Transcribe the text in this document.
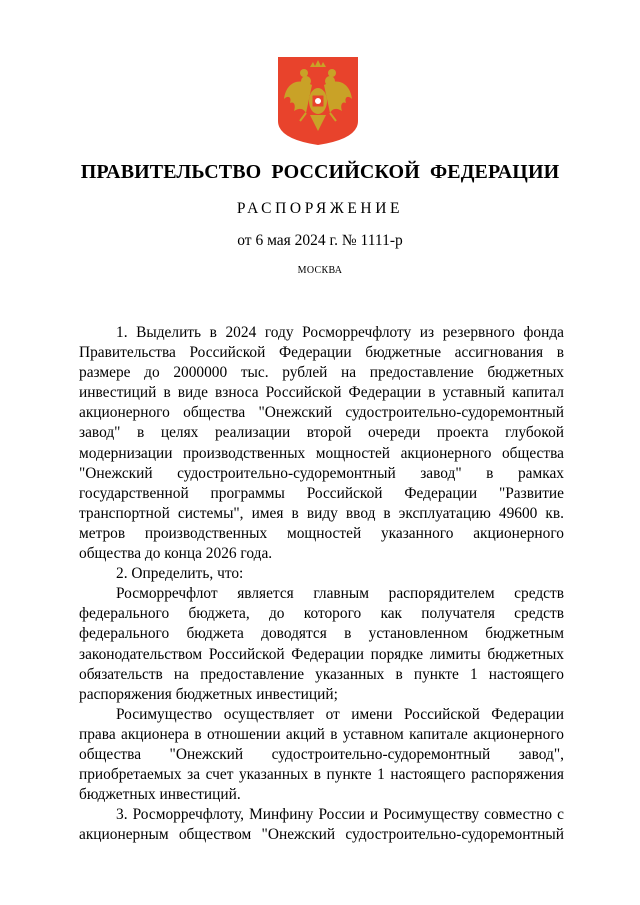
ПРАВИТЕЛЬСТВО РОССИЙСКОЙ ФЕДЕРАЦИИ
РАСПОРЯЖЕНИЕ
от 6 мая 2024 г. № 1111-р
МОСКВА

1. Выделить в 2024 году Росморречфлоту из резервного фонда Правительства Российской Федерации бюджетные ассигнования в размере до 2000000 тыс. рублей на предоставление бюджетных инвестиций в виде взноса Российской Федерации в уставный капитал акционерного общества "Онежский судостроительно-судоремонтный завод" в целях реализации второй очереди проекта глубокой модернизации производственных мощностей акционерного общества "Онежский судостроительно-судоремонтный завод" в рамках государственной программы Российской Федерации "Развитие транспортной системы", имея в виду ввод в эксплуатацию 49600 кв. метров производственных мощностей указанного акционерного общества до конца 2026 года.

2. Определить, что:

Росморречфлот является главным распорядителем средств федерального бюджета, до которого как получателя средств федерального бюджета доводятся в установленном бюджетным законодательством Российской Федерации порядке лимиты бюджетных обязательств на предоставление указанных в пункте 1 настоящего распоряжения бюджетных инвестиций;

Росимущество осуществляет от имени Российской Федерации права акционера в отношении акций в уставном капитале акционерного общества "Онежский судостроительно-судоремонтный завод", приобретаемых за счет указанных в пункте 1 настоящего распоряжения бюджетных инвестиций.

3. Росморречфлоту, Минфину России и Росимуществу совместно с акционерным обществом "Онежский судостроительно-судоремонтный
